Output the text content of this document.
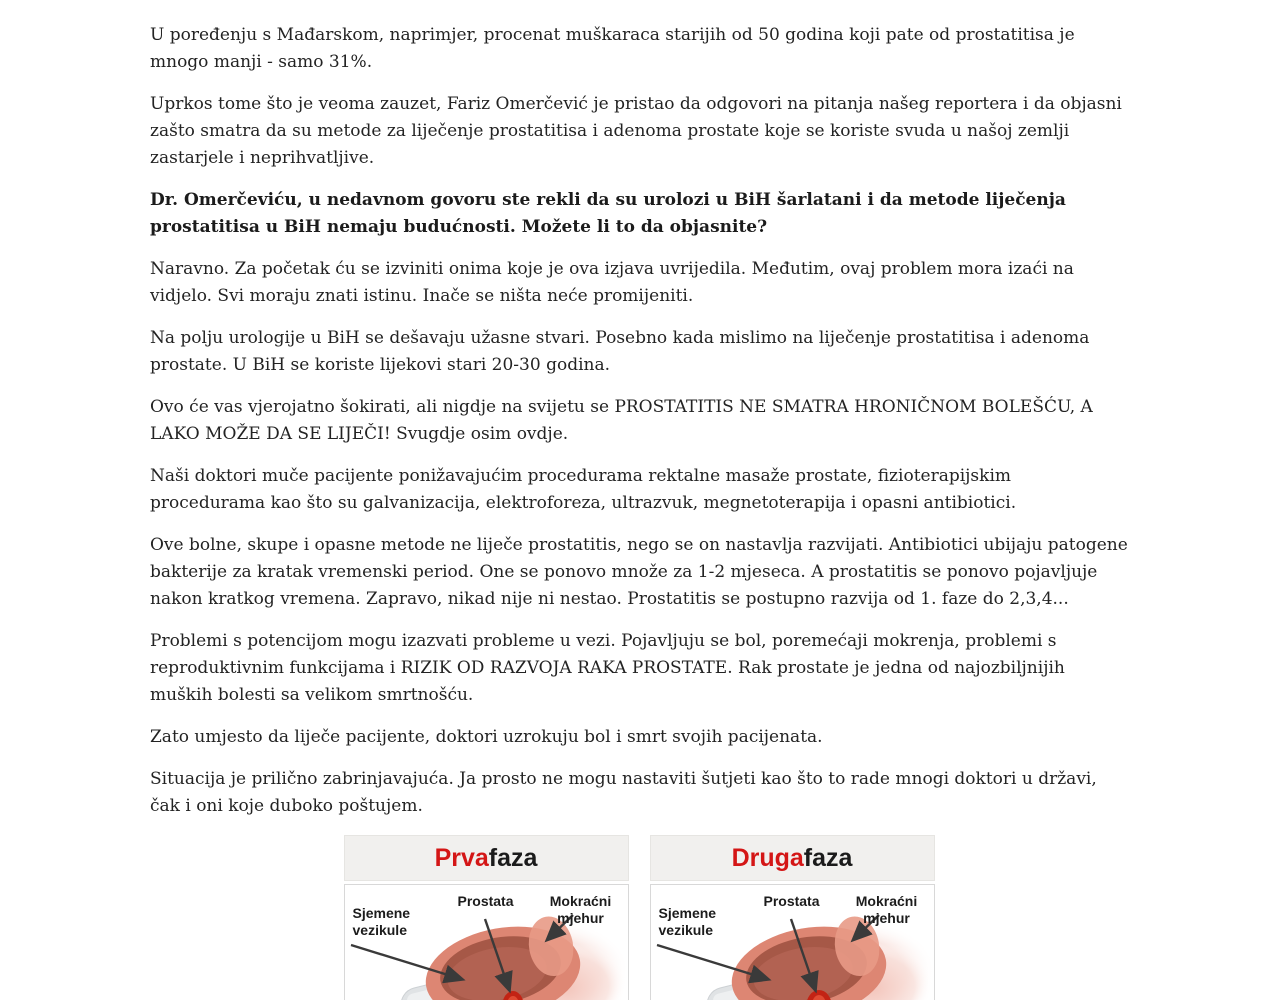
U poređenju s Mađarskom, naprimjer, procenat muškaraca starijih od 50 godina koji pate od prostatitisa je mnogo manji - samo 31%.

Uprkos tome što je veoma zauzet, Fariz Omerčević je pristao da odgovori na pitanja našeg reportera i da objasni zašto smatra da su metode za liječenje prostatitisa i adenoma prostate koje se koriste svuda u našoj zemlji zastarjele i neprihvatljive.

Dr. Omerčeviću, u nedavnom govoru ste rekli da su urolozi u BiH šarlatani i da metode liječenja prostatitisa u BiH nemaju budućnosti. Možete li to da objasnite?

Naravno. Za početak ću se izviniti onima koje je ova izjava uvrijedila. Međutim, ovaj problem mora izaći na vidjelo. Svi moraju znati istinu. Inače se ništa neće promijeniti.

Na polju urologije u BiH se dešavaju užasne stvari. Posebno kada mislimo na liječenje prostatitisa i adenoma prostate. U BiH se koriste lijekovi stari 20-30 godina.

Ovo će vas vjerojatno šokirati, ali nigdje na svijetu se PROSTATITIS NE SMATRA HRONIČNOM BOLEŠĆU, A LAKO MOŽE DA SE LIJEČI! Svugdje osim ovdje.

Naši doktori muče pacijente ponižavajućim procedurama rektalne masaže prostate, fizioterapijskim procedurama kao što su galvanizacija, elektroforeza, ultrazvuk, megnetoterapija i opasni antibiotici.

Ove bolne, skupe i opasne metode ne liječe prostatitis, nego se on nastavlja razvijati. Antibiotici ubijaju patogene bakterije za kratak vremenski period. One se ponovo množe za 1-2 mjeseca. A prostatitis se ponovo pojavljuje nakon kratkog vremena. Zapravo, nikad nije ni nestao. Prostatitis se postupno razvija od 1. faze do 2,3,4...

Problemi s potencijom mogu izazvati probleme u vezi. Pojavljuju se bol, poremećaji mokrenja, problemi s reproduktivnim funkcijama i RIZIK OD RAZVOJA RAKA PROSTATE. Rak prostate je jedna od najozbiljnijih muških bolesti sa velikom smrtnošću.

Zato umjesto da liječe pacijente, doktori uzrokuju bol i smrt svojih pacijenata.

Situacija je prilično zabrinjavajuća. Ja prosto ne mogu nastaviti šutjeti kao što to rade mnogi doktori u državi, čak i oni koje duboko poštujem.

Prva faza
Prostata	Mokraćni mjehur
Sjemene vezikule
Druga faza
Prostata	Mokraćni mjehur
Sjemene vezikule
